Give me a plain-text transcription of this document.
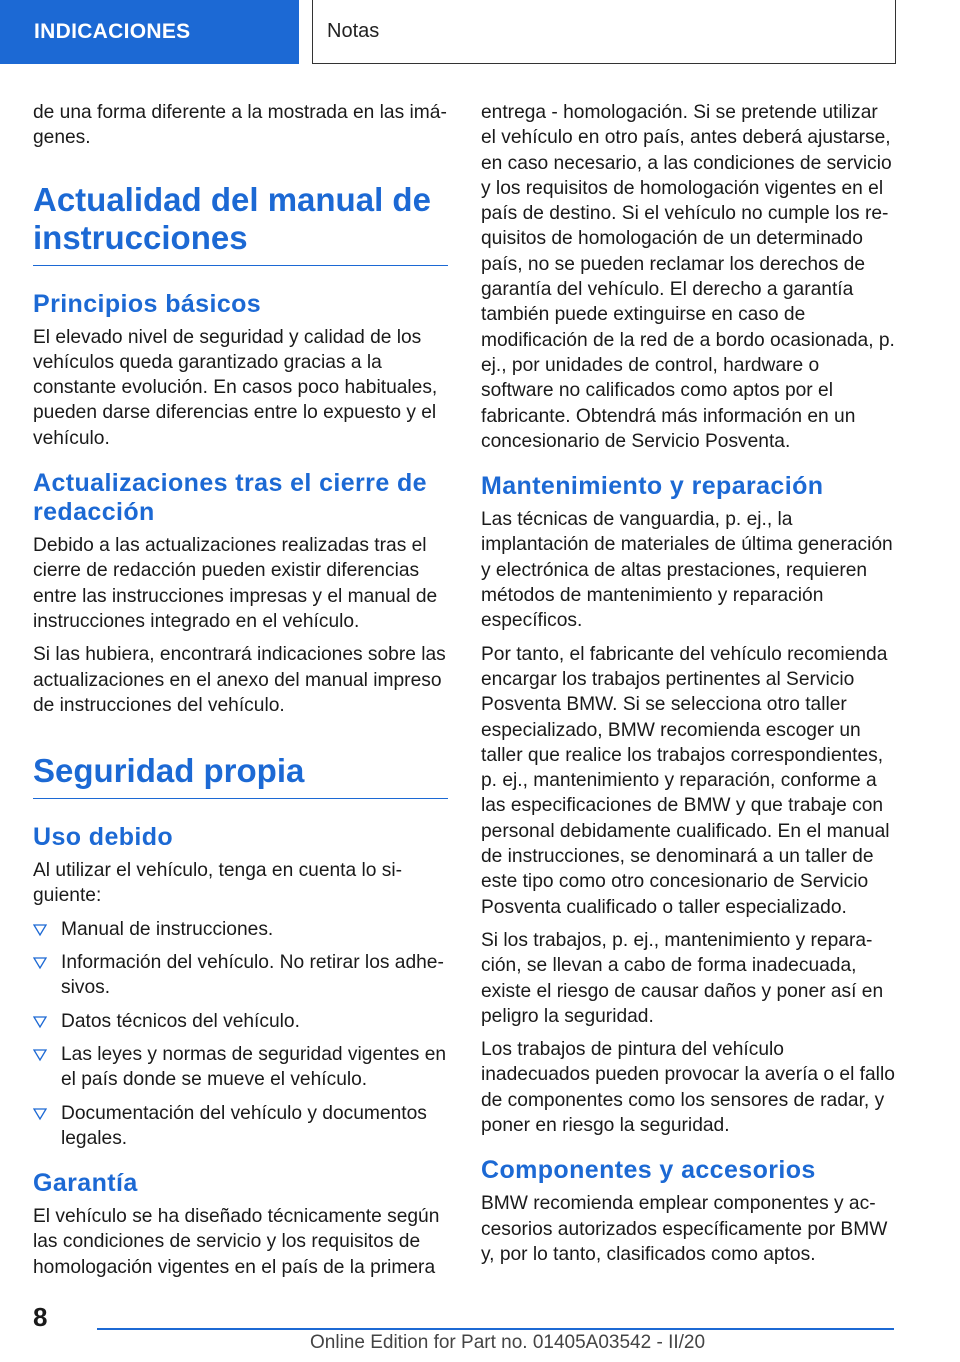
INDICACIONES	Notas

de una forma diferente a la mostrada en las imágenes.

Actualidad del manual de instrucciones
Principios básicos

El elevado nivel de seguridad y calidad de los vehículos queda garantizado gracias a la constante evolución. En casos poco habituales, pueden darse diferencias entre lo expuesto y el vehículo.

Actualizaciones tras el cierre de redacción

Debido a las actualizaciones realizadas tras el cierre de redacción pueden existir diferencias entre las instrucciones impresas y el manual de instrucciones integrado en el vehículo.

Si las hubiera, encontrará indicaciones sobre las actualizaciones en el anexo del manual impreso de instrucciones del vehículo.

Seguridad propia
Uso debido

Al utilizar el vehículo, tenga en cuenta lo siguiente:

Manual de instrucciones.
Información del vehículo. No retirar los adhesivos.
Datos técnicos del vehículo.
Las leyes y normas de seguridad vigentes en el país donde se mueve el vehículo.
Documentación del vehículo y documentos legales.
Garantía

El vehículo se ha diseñado técnicamente según las condiciones de servicio y los requisitos de homologación vigentes en el país de la primera

entrega - homologación. Si se pretende utilizar el vehículo en otro país, antes deberá ajustarse, en caso necesario, a las condiciones de servicio y los requisitos de homologación vigentes en el país de destino. Si el vehículo no cumple los requisitos de homologación de un determinado país, no se pueden reclamar los derechos de garantía del vehículo. El derecho a garantía también puede extinguirse en caso de modificación de la red de a bordo ocasionada, p. ej., por unidades de control, hardware o software no calificados como aptos por el fabricante. Obtendrá más información en un concesionario de Servicio Posventa.

Mantenimiento y reparación

Las técnicas de vanguardia, p. ej., la implantación de materiales de última generación y electrónica de altas prestaciones, requieren métodos de mantenimiento y reparación específicos.

Por tanto, el fabricante del vehículo recomienda encargar los trabajos pertinentes al Servicio Posventa BMW. Si se selecciona otro taller especializado, BMW recomienda escoger un taller que realice los trabajos correspondientes, p. ej., mantenimiento y reparación, conforme a las especificaciones de BMW y que trabaje con personal debidamente cualificado. En el manual de instrucciones, se denominará a un taller de este tipo como otro concesionario de Servicio Posventa cualificado o taller especializado.

Si los trabajos, p. ej., mantenimiento y reparación, se llevan a cabo de forma inadecuada, existe el riesgo de causar daños y poner así en peligro la seguridad.

Los trabajos de pintura del vehículo inadecuados pueden provocar la avería o el fallo de componentes como los sensores de radar, y poner en riesgo la seguridad.

Componentes y accesorios

BMW recomienda emplear componentes y accesorios autorizados específicamente por BMW y, por lo tanto, clasificados como aptos.

8
Online Edition for Part no. 01405A03542 - II/20
